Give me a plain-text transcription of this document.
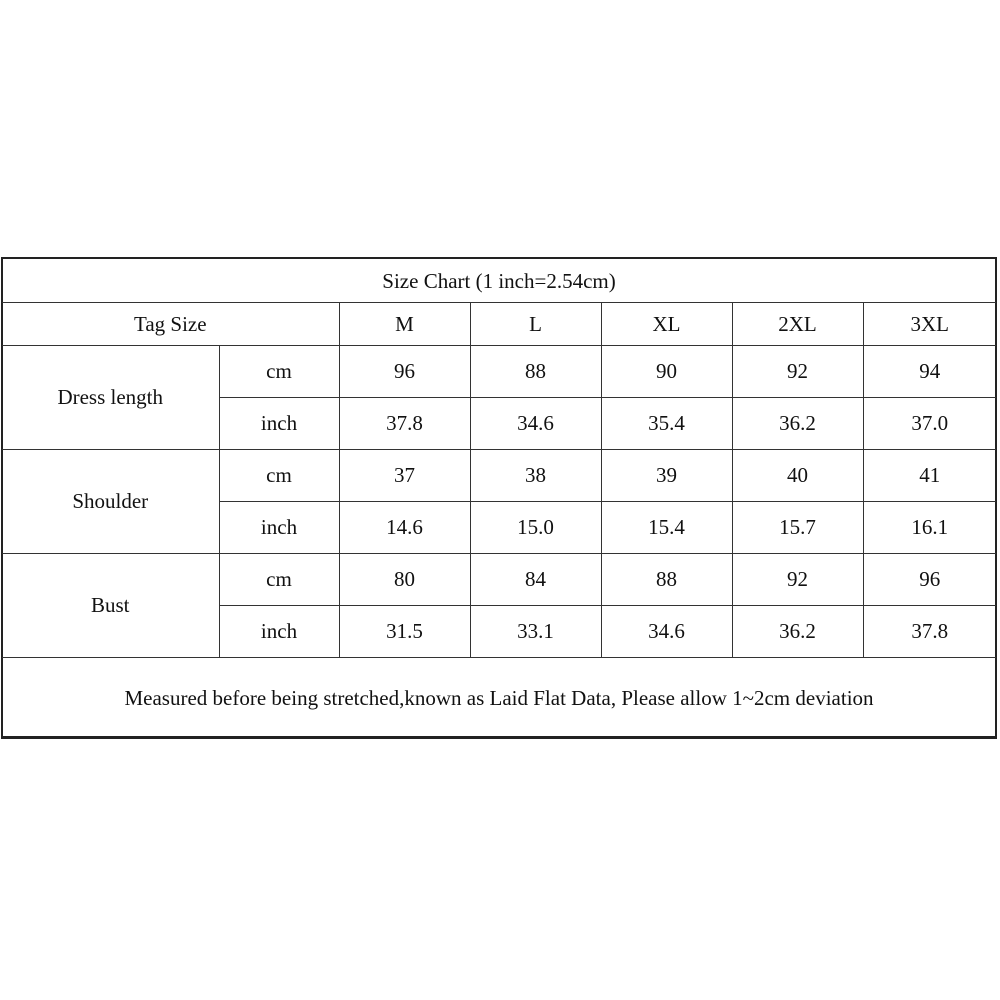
Size Chart (1 inch=2.54cm)						
Tag Size		M	L	XL	2XL	3XL
Dress length	cm	96	88	90	92	94
	inch	37.8	34.6	35.4	36.2	37.0
Shoulder	cm	37	38	39	40	41
	inch	14.6	15.0	15.4	15.7	16.1
Bust	cm	80	84	88	92	96
	inch	31.5	33.1	34.6	36.2	37.8
Measured before being stretched,known as Laid Flat Data, Please allow 1~2cm deviation						
